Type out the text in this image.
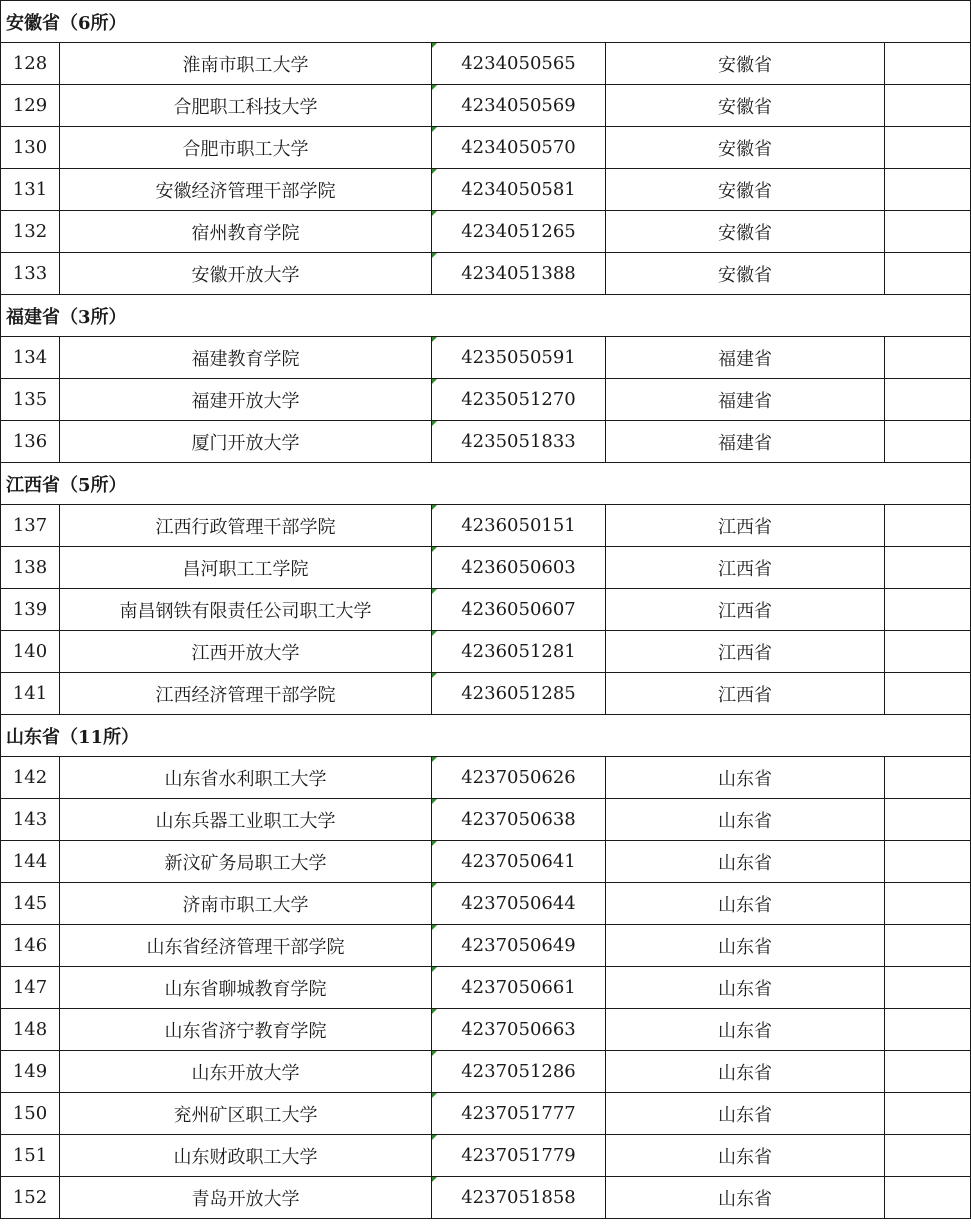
安徽省（6所）				
128	淮南市职工大学	4234050565	安徽省	
129	合肥职工科技大学	4234050569	安徽省	
130	合肥市职工大学	4234050570	安徽省	
131	安徽经济管理干部学院	4234050581	安徽省	
132	宿州教育学院	4234051265	安徽省	
133	安徽开放大学	4234051388	安徽省	
福建省（3所）				
134	福建教育学院	4235050591	福建省	
135	福建开放大学	4235051270	福建省	
136	厦门开放大学	4235051833	福建省	
江西省（5所）				
137	江西行政管理干部学院	4236050151	江西省	
138	昌河职工工学院	4236050603	江西省	
139	南昌钢铁有限责任公司职工大学	4236050607	江西省	
140	江西开放大学	4236051281	江西省	
141	江西经济管理干部学院	4236051285	江西省	
山东省（11所）				
142	山东省水利职工大学	4237050626	山东省	
143	山东兵器工业职工大学	4237050638	山东省	
144	新汶矿务局职工大学	4237050641	山东省	
145	济南市职工大学	4237050644	山东省	
146	山东省经济管理干部学院	4237050649	山东省	
147	山东省聊城教育学院	4237050661	山东省	
148	山东省济宁教育学院	4237050663	山东省	
149	山东开放大学	4237051286	山东省	
150	兖州矿区职工大学	4237051777	山东省	
151	山东财政职工大学	4237051779	山东省	
152	青岛开放大学	4237051858	山东省	
